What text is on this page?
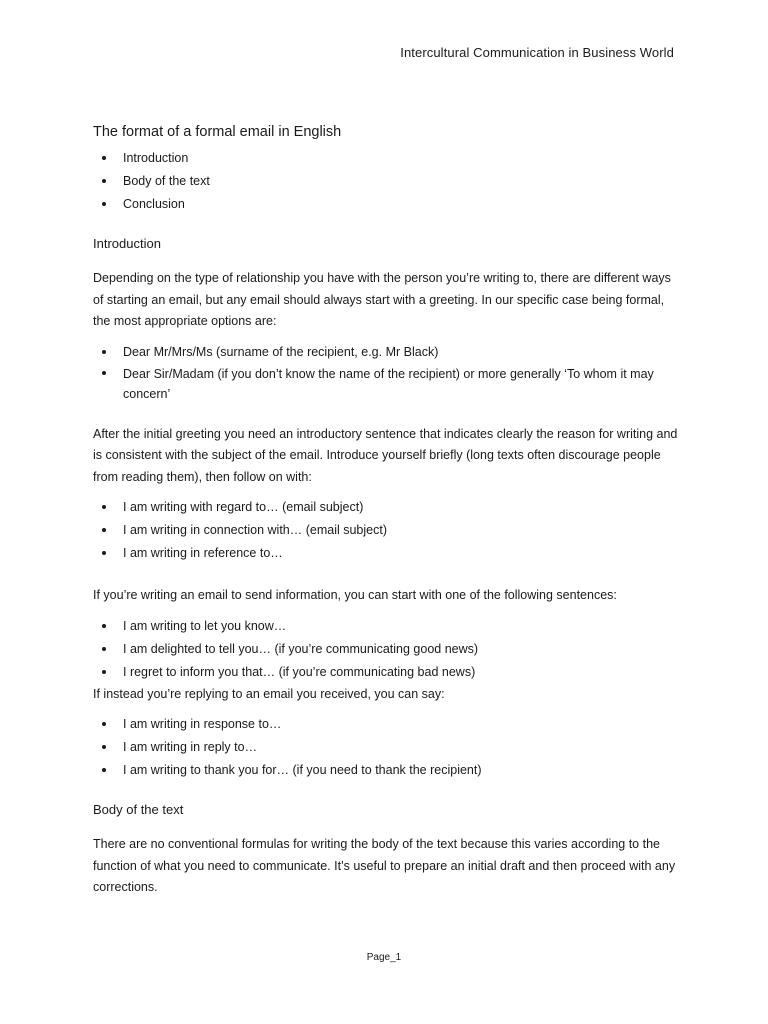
Intercultural Communication in Business World
The format of a formal email in English
Introduction
Body of the text
Conclusion
Introduction

Depending on the type of relationship you have with the person you’re writing to, there are different ways of starting an email, but any email should always start with a greeting. In our specific case being formal, the most appropriate options are:

Dear Mr/Mrs/Ms (surname of the recipient, e.g. Mr Black)
Dear Sir/Madam (if you don’t know the name of the recipient) or more generally ‘To whom it may concern’

After the initial greeting you need an introductory sentence that indicates clearly the reason for writing and is consistent with the subject of the email. Introduce yourself briefly (long texts often discourage people from reading them), then follow on with:

I am writing with regard to… (email subject)
I am writing in connection with… (email subject)
I am writing in reference to…

If you’re writing an email to send information, you can start with one of the following sentences:

I am writing to let you know…
I am delighted to tell you… (if you’re communicating good news)
I regret to inform you that… (if you’re communicating bad news)

If instead you’re replying to an email you received, you can say:

I am writing in response to…
I am writing in reply to…
I am writing to thank you for… (if you need to thank the recipient)
Body of the text

There are no conventional formulas for writing the body of the text because this varies according to the function of what you need to communicate. It’s useful to prepare an initial draft and then proceed with any corrections.

Page_1
